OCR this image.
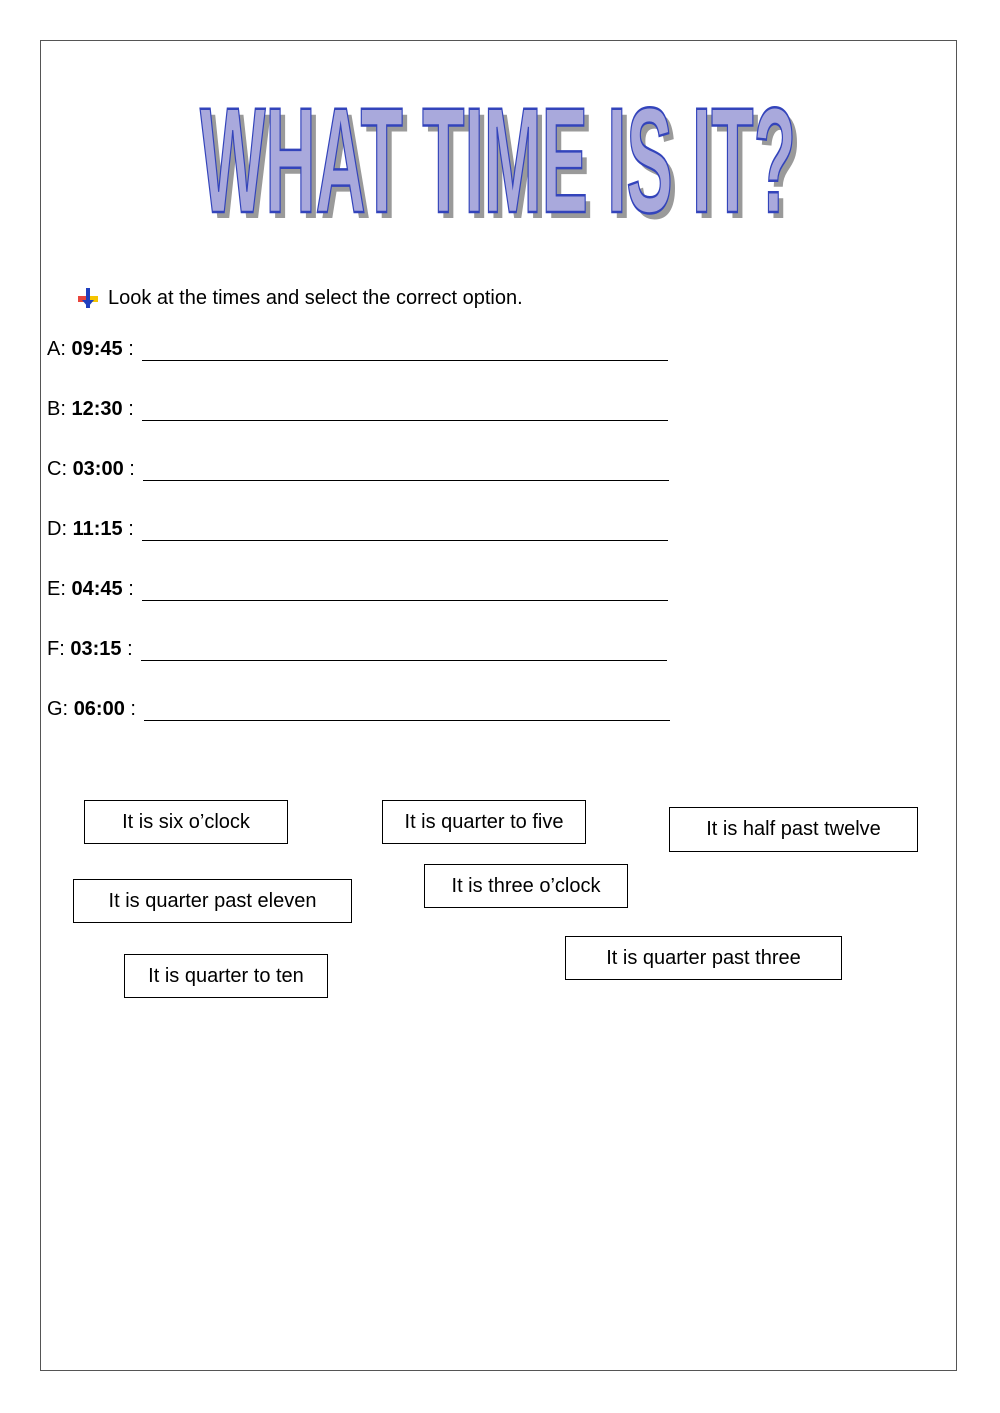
WHAT TIME IS IT?
WHAT TIME IS IT?
Look at the times and select the correct option.
A: 09:45 :
B: 12:30 :
C: 03:00 :
D: 11:15 :
E: 04:45 :
F: 03:15 :
G: 06:00 :
It is six o’clock	It is quarter to five	It is half past twelve
It is three o’clock
It is quarter past eleven
It is quarter past three
It is quarter to ten
